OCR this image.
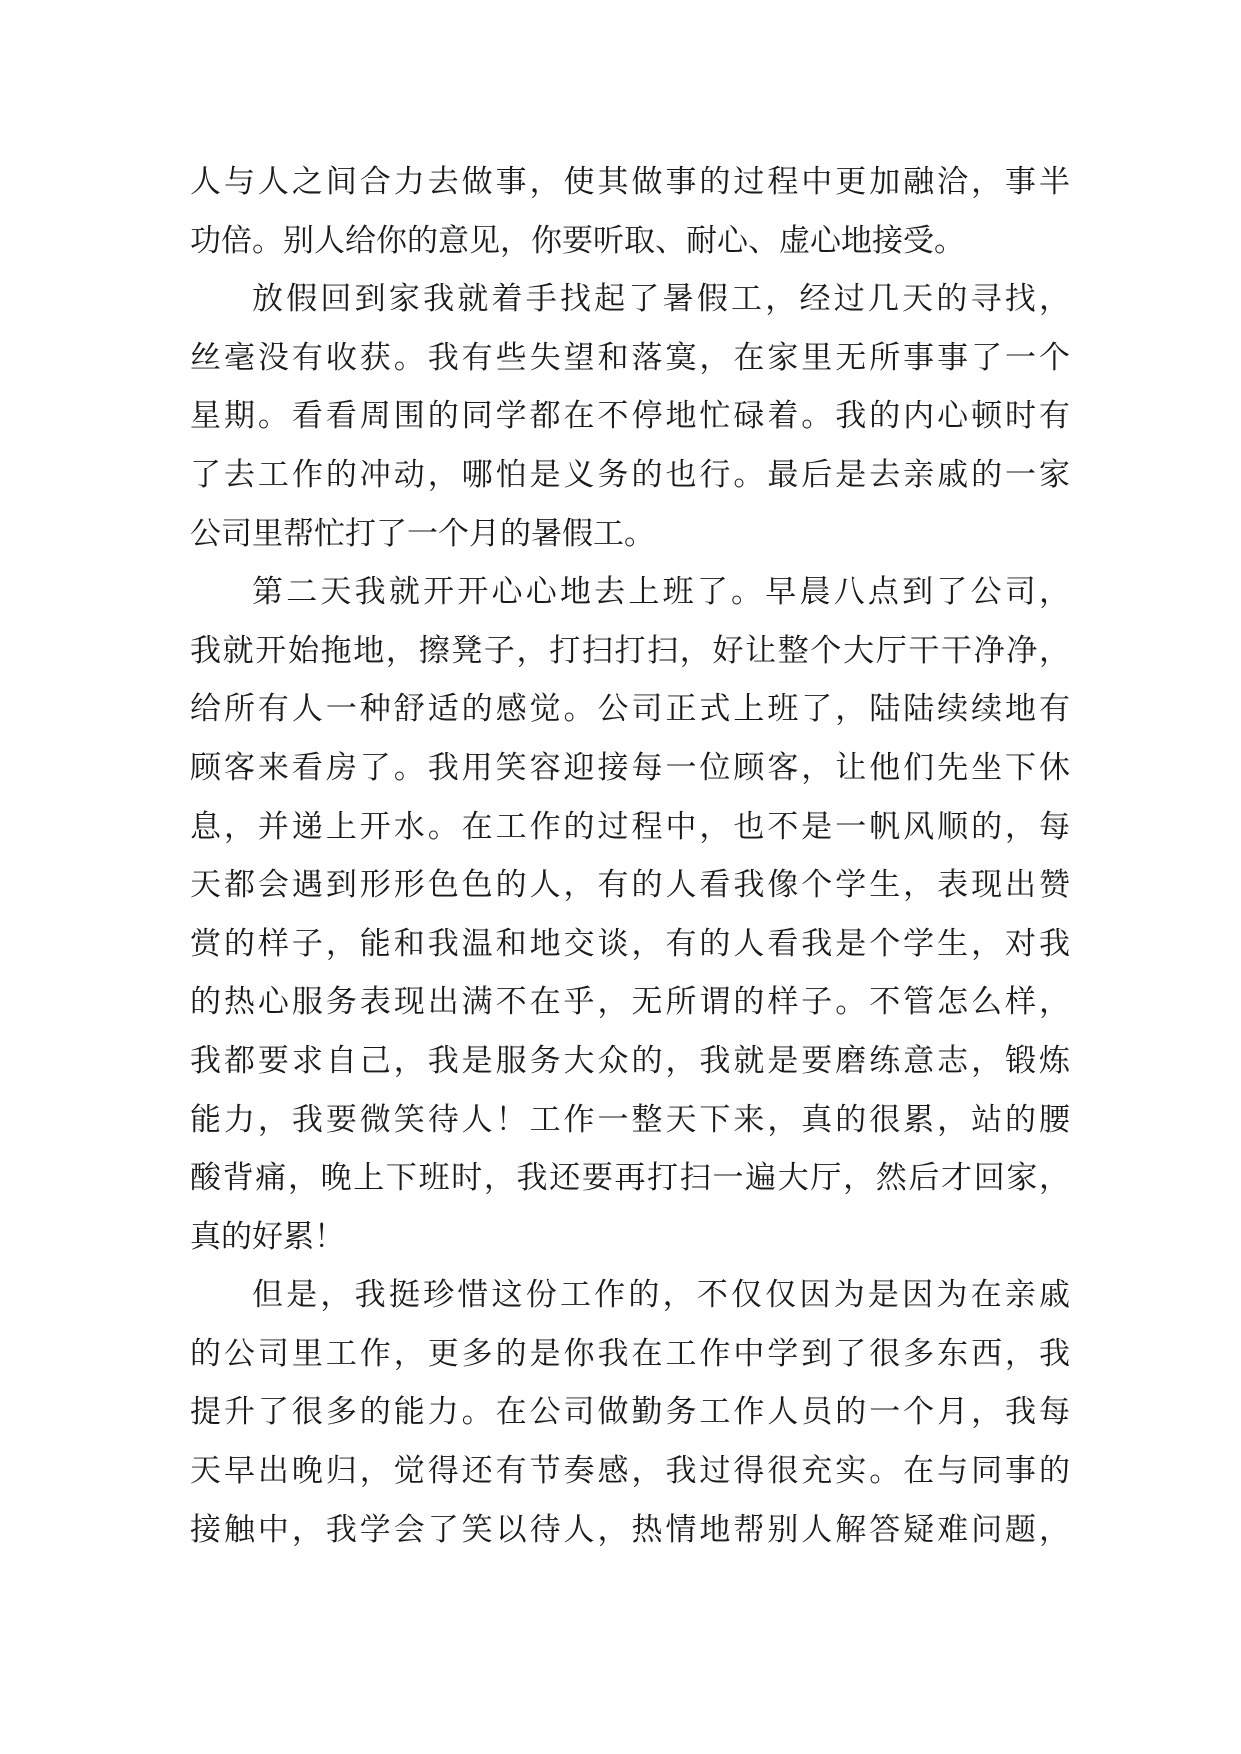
人与人之间合力去做事，使其做事的过程中更加融洽，事半
功倍。别人给你的意见，你要听取、耐心、虚心地接受。
放假回到家我就着手找起了暑假工，经过几天的寻找，
丝毫没有收获。我有些失望和落寞，在家里无所事事了一个
星期。看看周围的同学都在不停地忙碌着。我的内心顿时有
了去工作的冲动，哪怕是义务的也行。最后是去亲戚的一家
公司里帮忙打了一个月的暑假工。
第二天我就开开心心地去上班了。早晨八点到了公司，
我就开始拖地，擦凳子，打扫打扫，好让整个大厅干干净净，
给所有人一种舒适的感觉。公司正式上班了，陆陆续续地有
顾客来看房了。我用笑容迎接每一位顾客，让他们先坐下休
息，并递上开水。在工作的过程中，也不是一帆风顺的，每
天都会遇到形形色色的人，有的人看我像个学生，表现出赞
赏的样子，能和我温和地交谈，有的人看我是个学生，对我
的热心服务表现出满不在乎，无所谓的样子。不管怎么样，
我都要求自己，我是服务大众的，我就是要磨练意志，锻炼
能力，我要微笑待人！工作一整天下来，真的很累，站的腰
酸背痛，晚上下班时，我还要再打扫一遍大厅，然后才回家，
真的好累！
但是，我挺珍惜这份工作的，不仅仅因为是因为在亲戚
的公司里工作，更多的是你我在工作中学到了很多东西，我
提升了很多的能力。在公司做勤务工作人员的一个月，我每
天早出晚归，觉得还有节奏感，我过得很充实。在与同事的
接触中，我学会了笑以待人，热情地帮别人解答疑难问题，
